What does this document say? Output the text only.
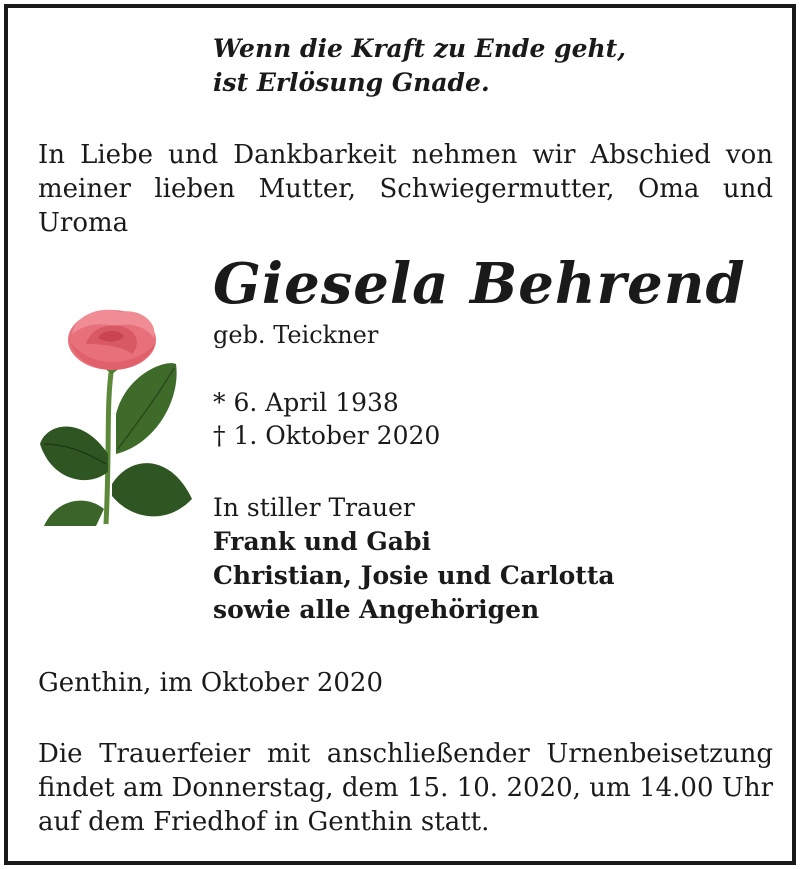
Wenn die Kraft zu Ende geht,
ist Erlösung Gnade.
In Liebe und Dankbarkeit nehmen wir Abschied von
meiner lieben Mutter, Schwiegermutter, Oma und
Uroma
Giesela Behrend
geb. Teickner
* 6. April 1938
† 1. Oktober 2020
In stiller Trauer
Frank und Gabi
Christian, Josie und Carlotta
sowie alle Angehörigen
Genthin, im Oktober 2020
Die Trauerfeier mit anschließender Urnenbeisetzung
findet am Donnerstag, dem 15. 10. 2020, um 14.00 Uhr
auf dem Friedhof in Genthin statt.
